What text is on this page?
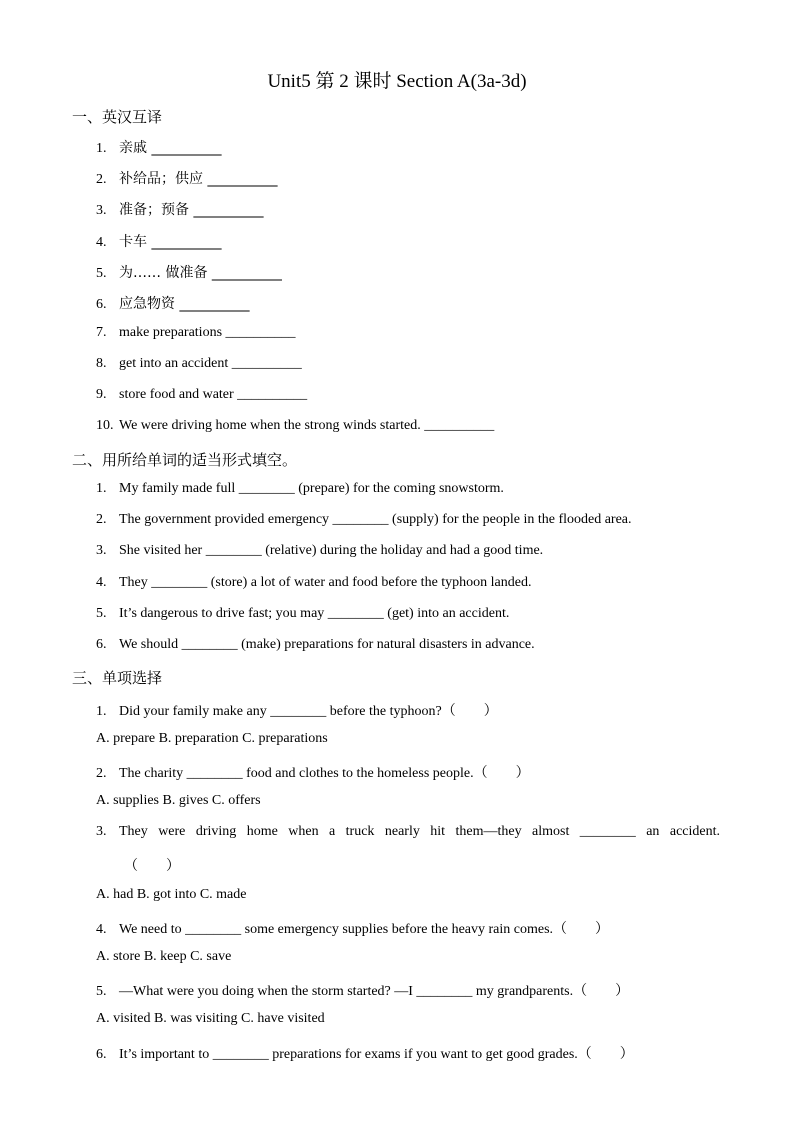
Unit5 第 2 课时 Section A(3a-3d)
一、英汉互译
1. 亲戚 __________
2. 补给品；供应 __________
3. 准备；预备 __________
4. 卡车 __________
5. 为…… 做准备 __________
6. 应急物资 __________
7. make preparations __________
8. get into an accident __________
9. store food and water __________
10. We were driving home when the strong winds started. __________
二、用所给单词的适当形式填空。
1. My family made full ________ (prepare) for the coming snowstorm.
2. The government provided emergency ________ (supply) for the people in the flooded area.
3. She visited her ________ (relative) during the holiday and had a good time.
4. They ________ (store) a lot of water and food before the typhoon landed.
5. It’s dangerous to drive fast; you may ________ (get) into an accident.
6. We should ________ (make) preparations for natural disasters in advance.
三、单项选择
1. Did your family make any ________ before the typhoon?（　　）
A. prepare B. preparation C. preparations
2. The charity ________ food and clothes to the homeless people.（　　）
A. supplies B. gives C. offers
3. They were driving home when a truck nearly hit them—they almost ________ an accident.
（　　）
A. had B. got into C. made
4. We need to ________ some emergency supplies before the heavy rain comes.（　　）
A. store B. keep C. save
5. —What were you doing when the storm started? —I ________ my grandparents.（　　）
A. visited B. was visiting C. have visited
6. It’s important to ________ preparations for exams if you want to get good grades.（　　）
